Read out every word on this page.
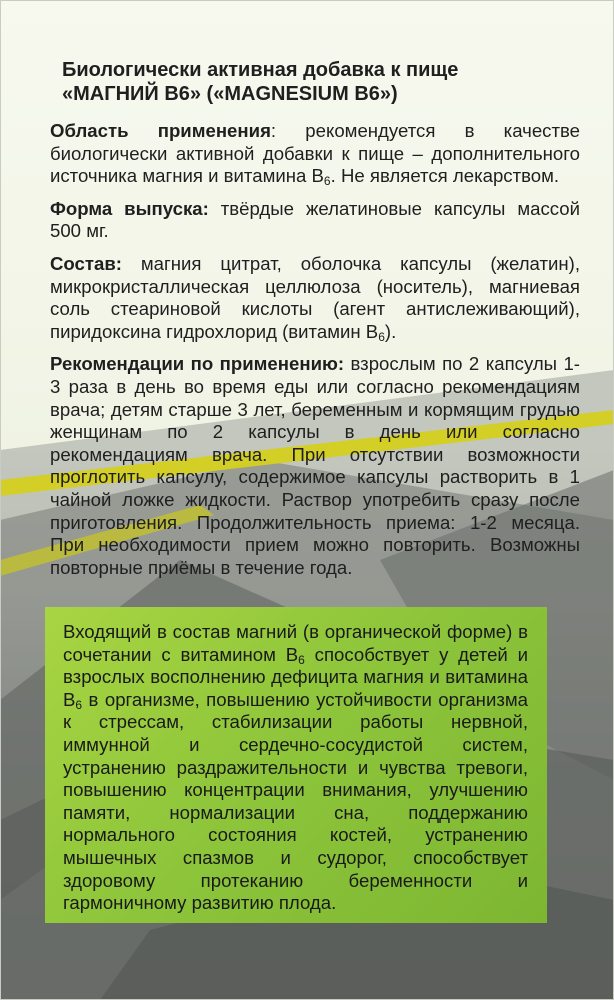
Биологически активная добавка к пище
«МАГНИЙ В6» («MAGNESIUM B6»)

Область применения: рекомендуется в качестве биологически активной добавки к пище – дополнительного источника магния и витамина $В_6$. Не является лекарством.

Форма выпуска: твёрдые желатиновые капсулы массой 500 мг.

Состав: магния цитрат, оболочка капсулы (желатин), микрокристаллическая целлюлоза (носитель), магниевая соль стеариновой кислоты (агент антислеживающий), пиридоксина гидрохлорид (витамин $В_6$).

Рекомендации по применению: взрослым по 2 капсулы 1-3 раза в день во время еды или согласно рекомендациям врача; детям старше 3 лет, беременным и кормящим грудью женщинам по 2 капсулы в день или согласно рекомендациям врача. При отсутствии возможности проглотить капсулу, содержимое капсулы растворить в 1 чайной ложке жидкости. Раствор употребить сразу после приготовления. Продолжительность приема: 1-2 месяца. При необходимости прием можно повторить. Возможны повторные приёмы в течение года.

Входящий в состав магний (в органической форме) в сочетании с витамином $В_6$ способствует у детей и взрослых восполнению дефицита магния и витамина $В_6$ в организме, повышению устойчивости организма к стрессам, стабилизации работы нервной, иммунной и сердечно-сосудистой систем, устранению раздражительности и чувства тревоги, повышению концентрации внимания, улучшению памяти, нормализации сна, поддержанию нормального состояния костей, устранению мышечных спазмов и судорог, способствует здоровому протеканию беременности и гармоничному развитию плода.
